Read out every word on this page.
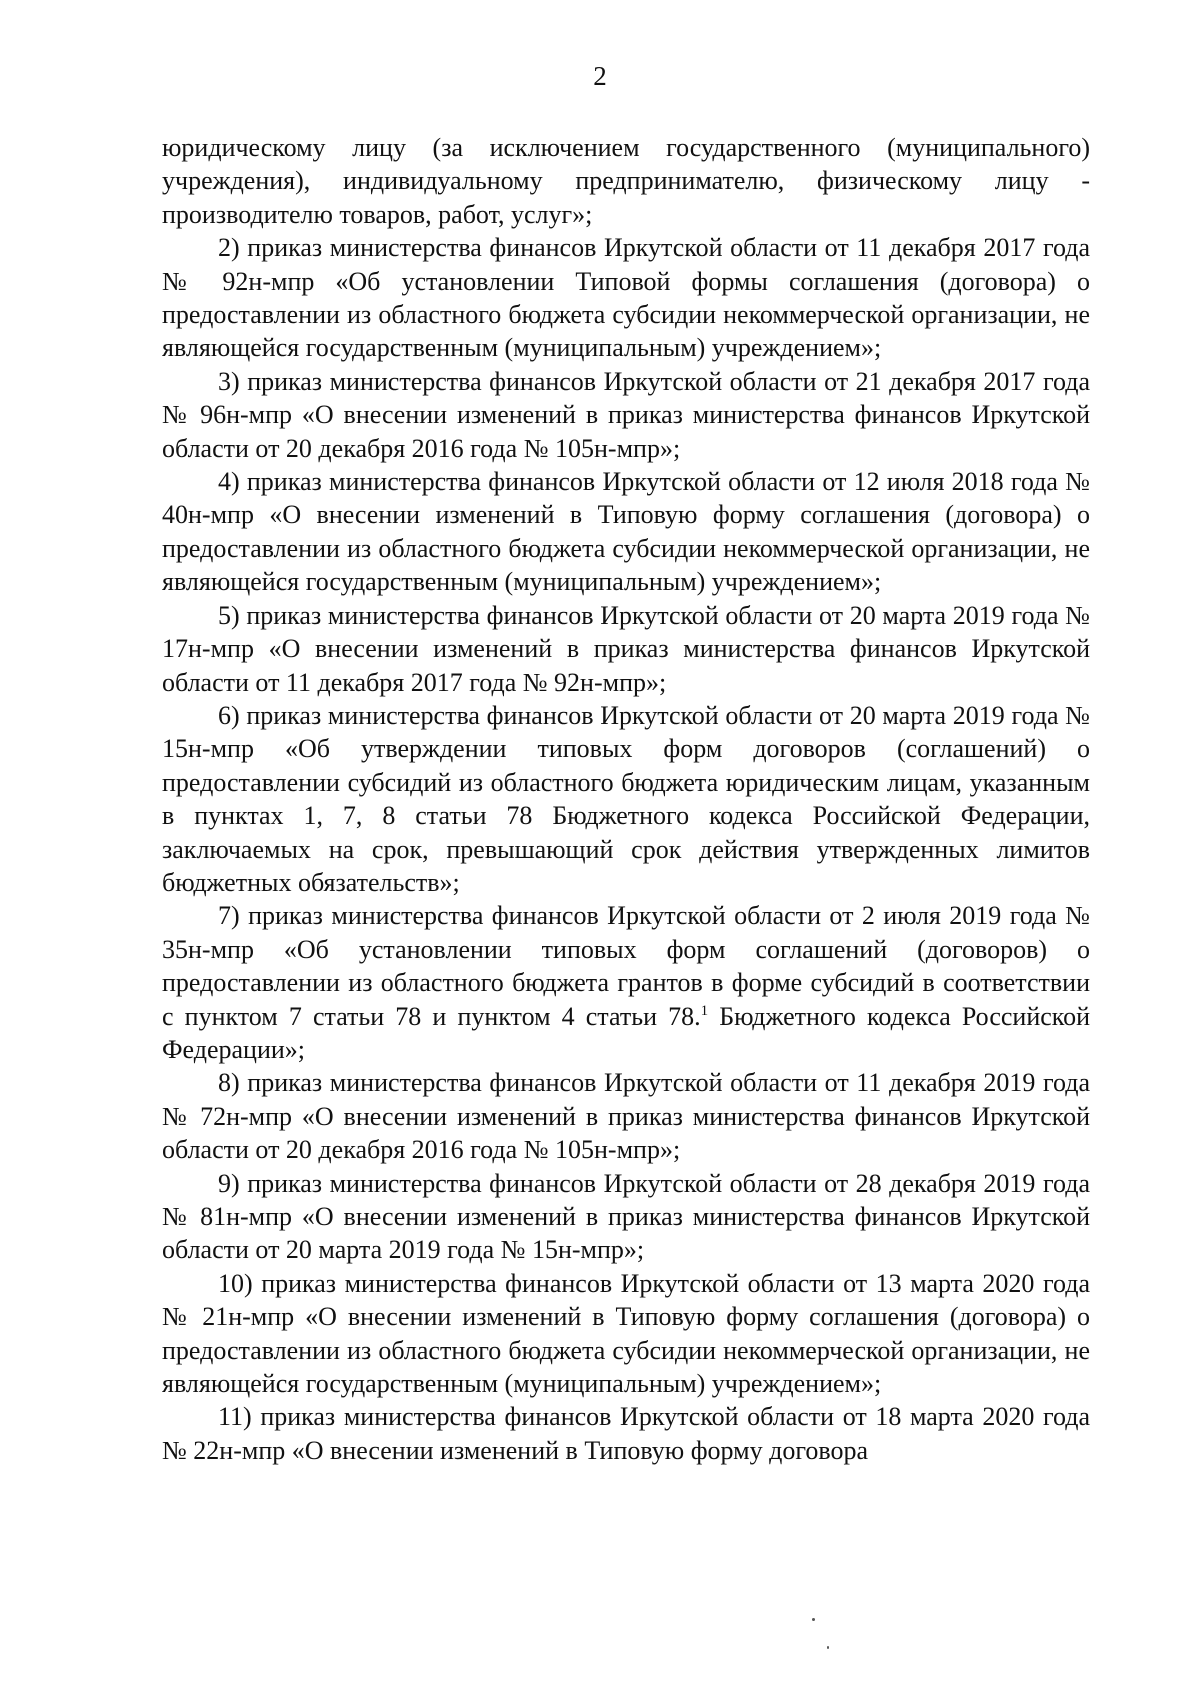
2

юридическому лицу (за исключением государственного (муниципального) учреждения), индивидуальному предпринимателю, физическому лицу - производителю товаров, работ, услуг»;

2) приказ министерства финансов Иркутской области от 11 декабря 2017 года № 92н-мпр «Об установлении Типовой формы соглашения (договора) о предоставлении из областного бюджета субсидии некоммерческой организации, не являющейся государственным (муниципальным) учреждением»;

3) приказ министерства финансов Иркутской области от 21 декабря 2017 года № 96н-мпр «О внесении изменений в приказ министерства финансов Иркутской области от 20 декабря 2016 года № 105н-мпр»;

4) приказ министерства финансов Иркутской области от 12 июля 2018 года № 40н-мпр «О внесении изменений в Типовую форму соглашения (договора) о предоставлении из областного бюджета субсидии некоммерческой организации, не являющейся государственным (муниципальным) учреждением»;

5) приказ министерства финансов Иркутской области от 20 марта 2019 года № 17н-мпр «О внесении изменений в приказ министерства финансов Иркутской области от 11 декабря 2017 года № 92н-мпр»;

6) приказ министерства финансов Иркутской области от 20 марта 2019 года № 15н-мпр «Об утверждении типовых форм договоров (соглашений) о предоставлении субсидий из областного бюджета юридическим лицам, указанным в пунктах 1, 7, 8 статьи 78 Бюджетного кодекса Российской Федерации, заключаемых на срок, превышающий срок действия утвержденных лимитов бюджетных обязательств»;

7) приказ министерства финансов Иркутской области от 2 июля 2019 года № 35н-мпр «Об установлении типовых форм соглашений (договоров) о предоставлении из областного бюджета грантов в форме субсидий в соответствии с пунктом 7 статьи 78 и пунктом 4 статьи 78.$^1$ Бюджетного кодекса Российской Федерации»;

8) приказ министерства финансов Иркутской области от 11 декабря 2019 года № 72н-мпр «О внесении изменений в приказ министерства финансов Иркутской области от 20 декабря 2016 года № 105н-мпр»;

9) приказ министерства финансов Иркутской области от 28 декабря 2019 года № 81н-мпр «О внесении изменений в приказ министерства финансов Иркутской области от 20 марта 2019 года № 15н-мпр»;

10) приказ министерства финансов Иркутской области от 13 марта 2020 года № 21н-мпр «О внесении изменений в Типовую форму соглашения (договора) о предоставлении из областного бюджета субсидии некоммерческой организации, не являющейся государственным (муниципальным) учреждением»;

11) приказ министерства финансов Иркутской области от 18 марта 2020 года № 22н-мпр «О внесении изменений в Типовую форму договора
